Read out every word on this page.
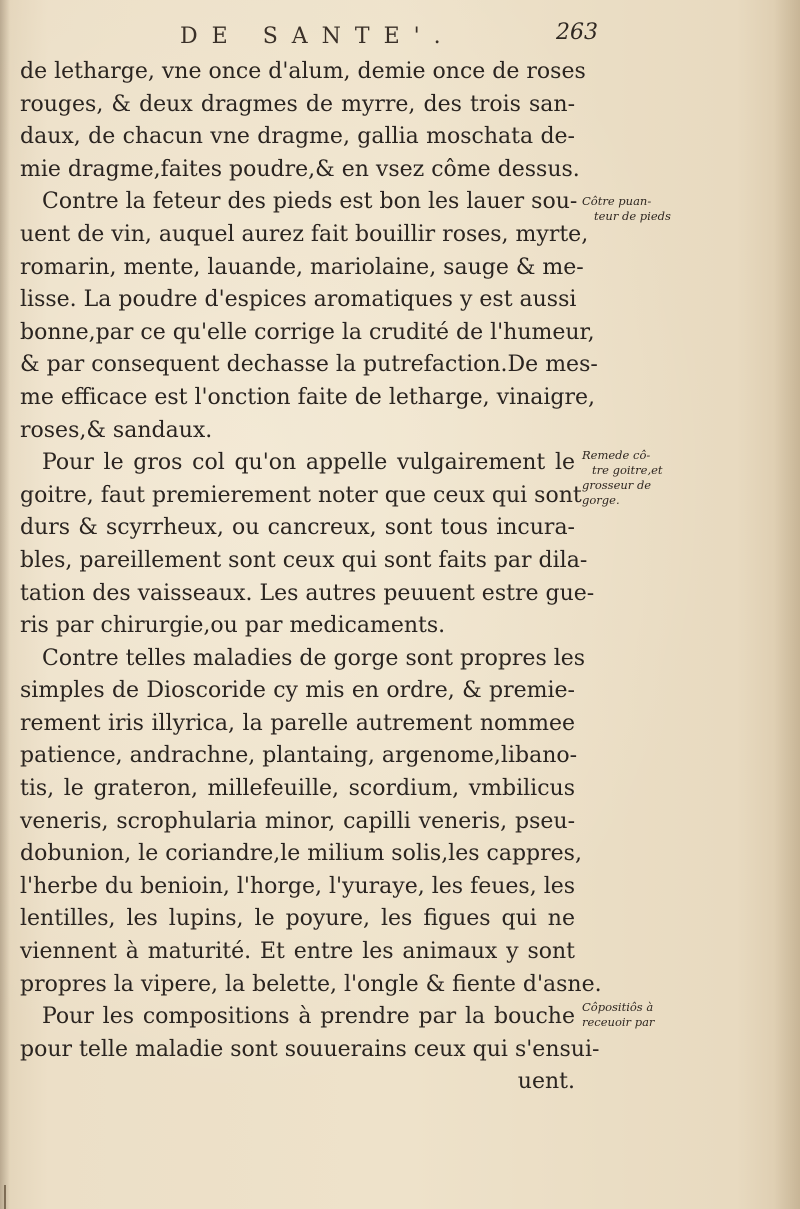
DE SANTE'.	263
de letharge, vne once d'alum, demie once de roses
rouges, & deux dragmes de myrre, des trois san-
daux, de chacun vne dragme, gallia moschata de-
mie dragme,faites poudre,& en vsez côme dessus.
Contre la feteur des pieds est bon les lauer sou-
uent de vin, auquel aurez fait bouillir roses, myrte,
romarin, mente, lauande, mariolaine, sauge & me-
lisse. La poudre d'espices aromatiques y est aussi
bonne,par ce qu'elle corrige la crudité de l'humeur,
& par consequent dechasse la putrefaction.De mes-
me efficace est l'onction faite de letharge, vinaigre,
roses,& sandaux.
Pour le gros col qu'on appelle vulgairement le
goitre, faut premierement noter que ceux qui sont
durs & scyrrheux, ou cancreux, sont tous incura-
bles, pareillement sont ceux qui sont faits par dila-
tation des vaisseaux. Les autres peuuent estre gue-
ris par chirurgie,ou par medicaments.
Contre telles maladies de gorge sont propres les
simples de Dioscoride cy mis en ordre, & premie-
rement iris illyrica, la parelle autrement nommee
patience, andrachne, plantaing, argenome,libano-
tis, le grateron, millefeuille, scordium, vmbilicus
veneris, scrophularia minor, capilli veneris, pseu-
dobunion, le coriandre,le milium solis,les cappres,
l'herbe du benioin, l'horge, l'yuraye, les feues, les
lentilles, les lupins, le poyure, les figues qui ne
viennent à maturité. Et entre les animaux y sont
propres la vipere, la belette, l'ongle & fiente d'asne.
Pour les compositions à prendre par la bouche
pour telle maladie sont souuerains ceux qui s'ensui-
uent.
Côtre puan-
teur de pieds
Remede cô-
tre goitre,et
grosseur de
gorge.
Côpositiôs à
receuoir par
